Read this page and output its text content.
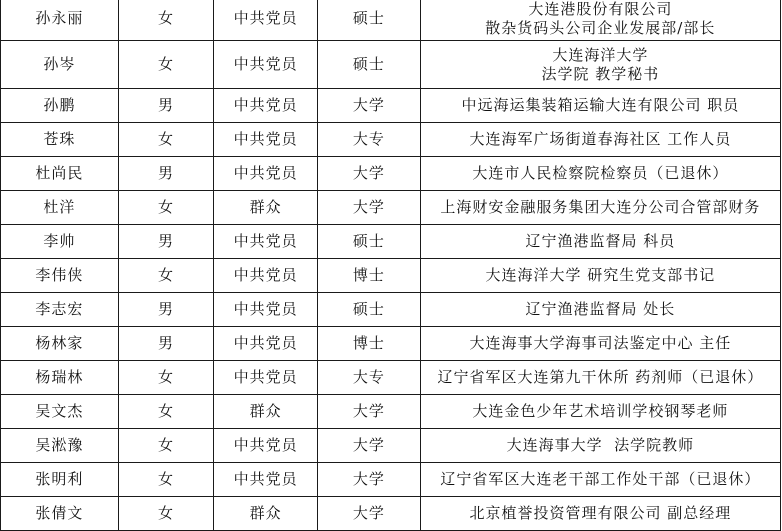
孙永丽	女	中共党员	硕士	大连港股份有限公司
散杂货码头公司企业发展部/部长

孙岑	女	中共党员	硕士	大连海洋大学
法学院 教学秘书

孙鹏	男	中共党员	大学	中远海运集装箱运输大连有限公司 职员
苍珠	女	中共党员	大专	大连海军广场街道春海社区 工作人员
杜尚民	男	中共党员	大学	大连市人民检察院检察员（已退休）
杜洋	女	群众	大学	上海财安金融服务集团大连分公司合管部财务
李帅	男	中共党员	硕士	辽宁渔港监督局 科员
李伟侠	女	中共党员	博士	大连海洋大学 研究生党支部书记
李志宏	男	中共党员	硕士	辽宁渔港监督局 处长
杨林家	男	中共党员	博士	大连海事大学海事司法鉴定中心 主任
杨瑞林	女	中共党员	大专	辽宁省军区大连第九干休所 药剂师（已退休）
吴文杰	女	群众	大学	大连金色少年艺术培训学校钢琴老师
吴淞豫	女	中共党员	大学	大连海事大学  法学院教师
张明利	女	中共党员	大学	辽宁省军区大连老干部工作处干部（已退休）
张倩文	女	群众	大学	北京植誉投资管理有限公司 副总经理
